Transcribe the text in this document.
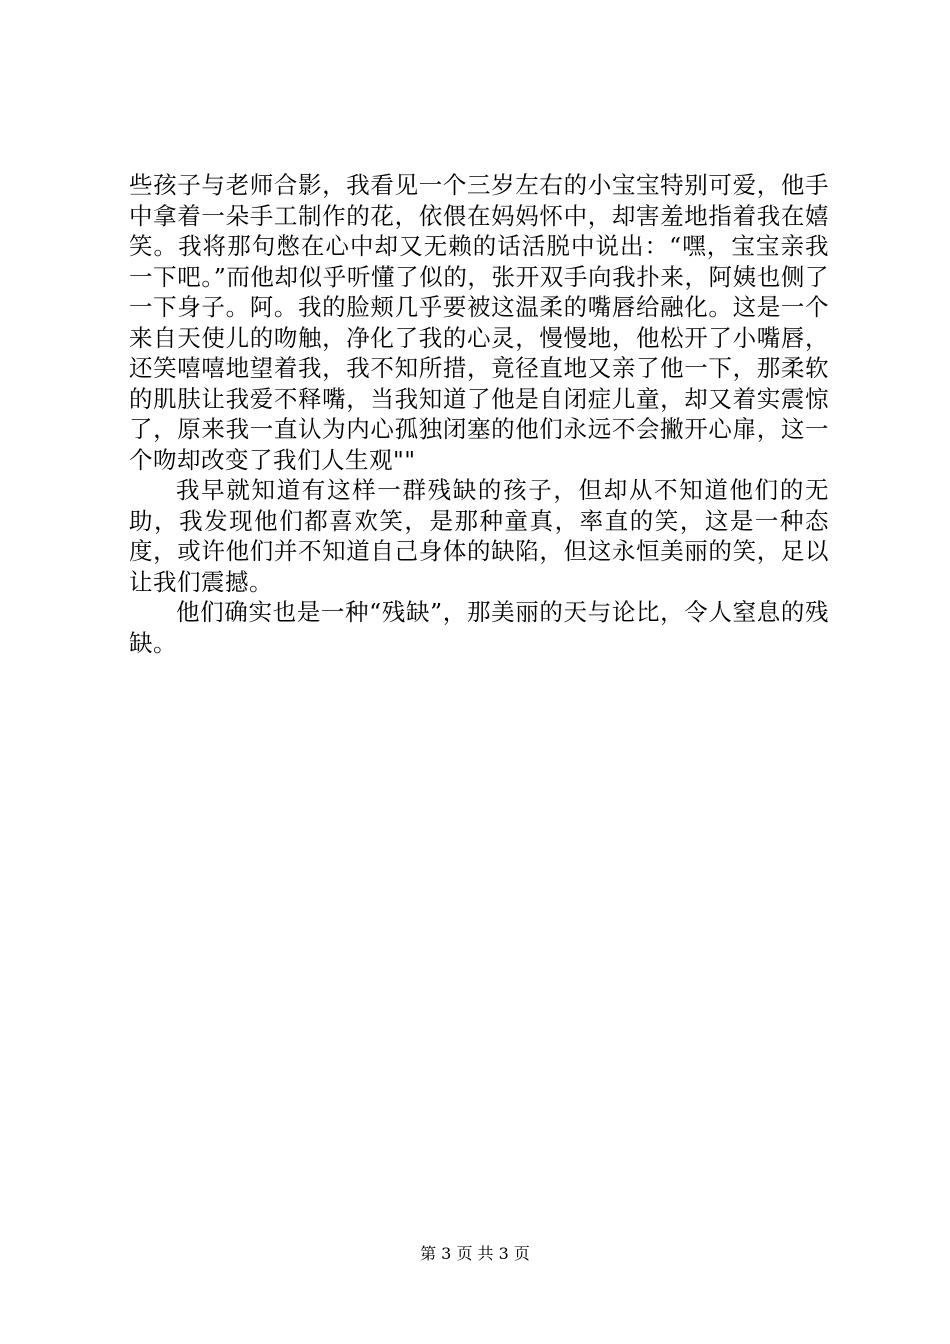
些孩子与老师合影，我看见一个三岁左右的小宝宝特别可爱，他手中拿着一朵手工制作的花，依偎在妈妈怀中，却害羞地指着我在嬉笑。我将那句憋在心中却又无赖的话活脱中说出：“嘿，宝宝亲我一下吧。”而他却似乎听懂了似的，张开双手向我扑来，阿姨也侧了一下身子。阿。我的脸颊几乎要被这温柔的嘴唇给融化。这是一个来自天使儿的吻触，净化了我的心灵，慢慢地，他松开了小嘴唇，还笑嘻嘻地望着我，我不知所措，竟径直地又亲了他一下，那柔软的肌肤让我爱不释嘴，当我知道了他是自闭症儿童，却又着实震惊了，原来我一直认为内心孤独闭塞的他们永远不会撇开心扉，这一个吻却改变了我们人生观""

我早就知道有这样一群残缺的孩子，但却从不知道他们的无助，我发现他们都喜欢笑，是那种童真，率直的笑，这是一种态度，或许他们并不知道自己身体的缺陷，但这永恒美丽的笑，足以让我们震撼。

他们确实也是一种“残缺”，那美丽的天与论比，令人窒息的残缺。

第 3 页 共 3 页
